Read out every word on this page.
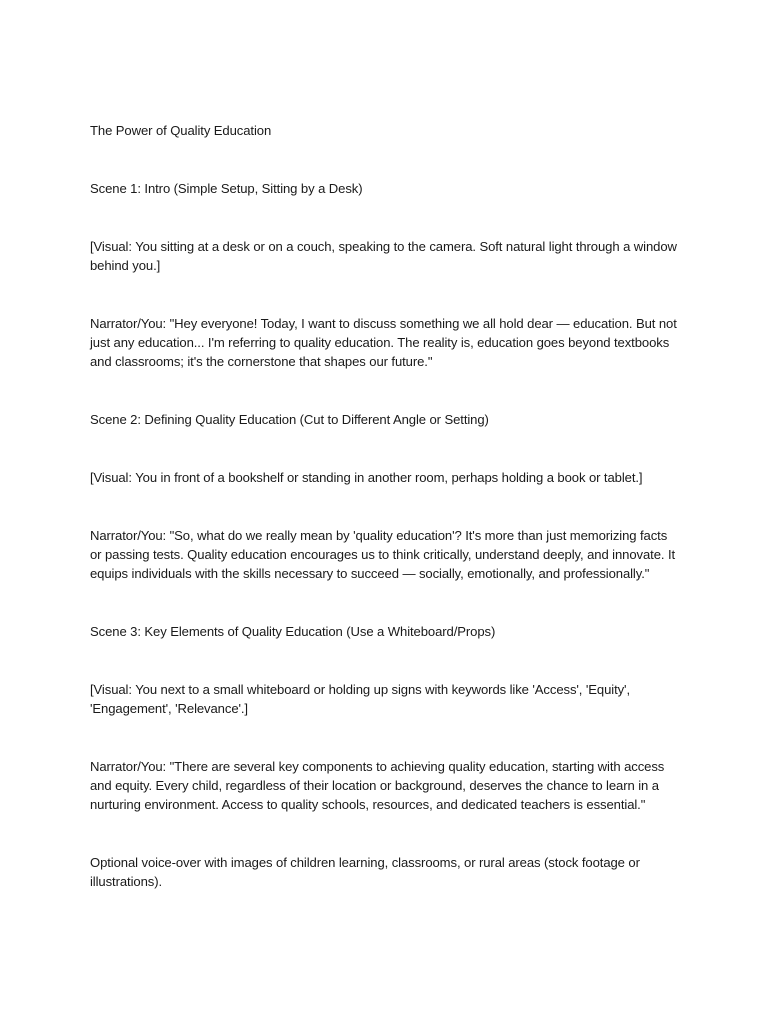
The Power of Quality Education

Scene 1: Intro (Simple Setup, Sitting by a Desk)

[Visual: You sitting at a desk or on a couch, speaking to the camera. Soft natural light through a window behind you.]

Narrator/You: "Hey everyone! Today, I want to discuss something we all hold dear — education. But not just any education... I'm referring to quality education. The reality is, education goes beyond textbooks and classrooms; it's the cornerstone that shapes our future."

Scene 2: Defining Quality Education (Cut to Different Angle or Setting)

[Visual: You in front of a bookshelf or standing in another room, perhaps holding a book or tablet.]

Narrator/You: "So, what do we really mean by 'quality education'? It's more than just memorizing facts or passing tests. Quality education encourages us to think critically, understand deeply, and innovate. It equips individuals with the skills necessary to succeed — socially, emotionally, and professionally."

Scene 3: Key Elements of Quality Education (Use a Whiteboard/Props)

[Visual: You next to a small whiteboard or holding up signs with keywords like 'Access', 'Equity', 'Engagement', 'Relevance'.]

Narrator/You: "There are several key components to achieving quality education, starting with access and equity. Every child, regardless of their location or background, deserves the chance to learn in a nurturing environment. Access to quality schools, resources, and dedicated teachers is essential."

Optional voice-over with images of children learning, classrooms, or rural areas (stock footage or illustrations).
